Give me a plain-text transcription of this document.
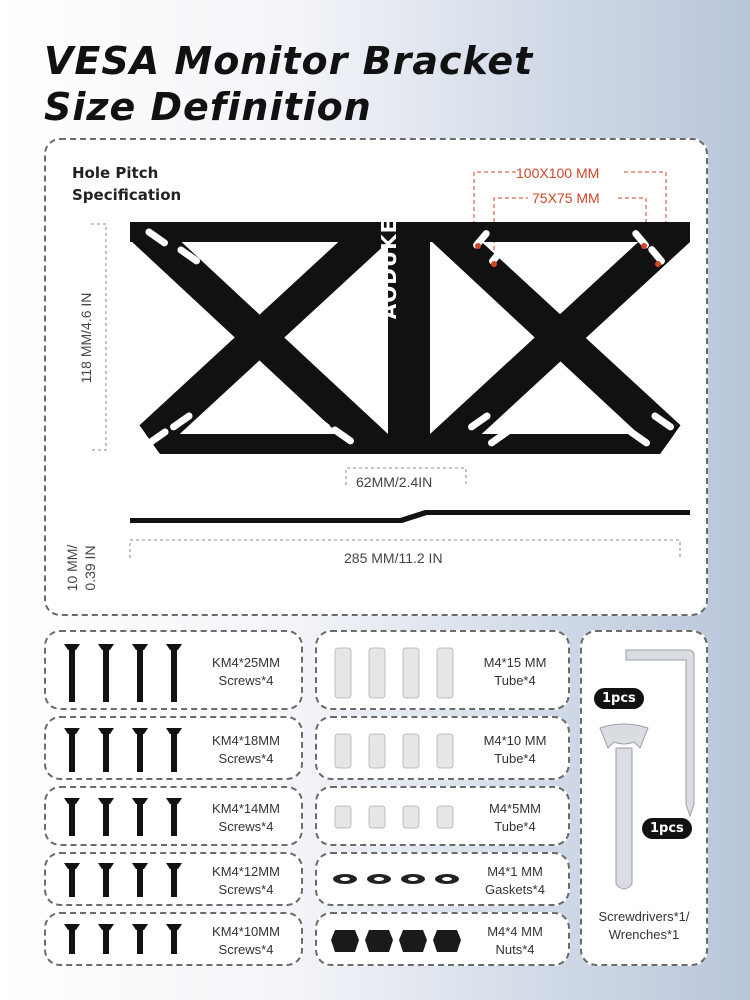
VESA Monitor Bracket
Size Definition
Hole Pitch
Specification
100X100 MM
75X75 MM
118 MM/4.6 IN
62MM/2.4IN
10 MM/ 0.39 IN	285 MM/11.2 IN
AODUKE
KM4*25MM
Screws*4
KM4*18MM
Screws*4
KM4*14MM
Screws*4
KM4*12MM
Screws*4
KM4*10MM
Screws*4
M4*15 MM
Tube*4
M4*10 MM
Tube*4
M4*5MM
Tube*4
M4*1 MM
Gaskets*4
M4*4 MM
Nuts*4
1pcs
1pcs
Screwdrivers*1/
Wrenches*1
